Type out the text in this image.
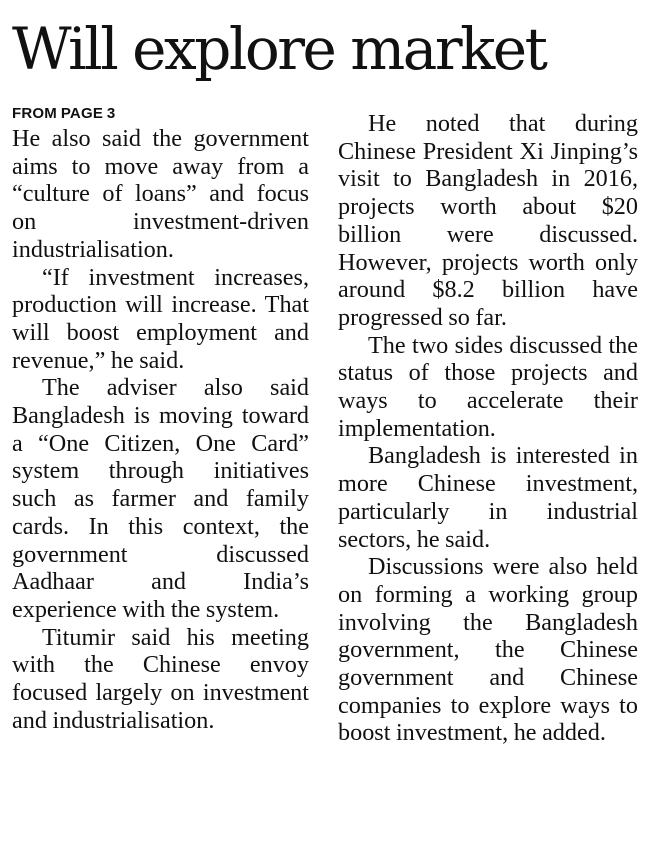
Will explore market
FROM PAGE 3

He also said the government aims to move away from a “culture of loans” and focus on investment-driven industrialisation.

“If investment increases, production will increase. That will boost employment and revenue,” he said.

The adviser also said Bangladesh is moving toward a “One Citizen, One Card” system through initiatives such as farmer and family cards. In this context, the government discussed Aadhaar and India’s experience with the system.

Titumir said his meeting with the Chinese envoy focused largely on investment and industrialisation.

He noted that during Chinese President Xi Jinping’s visit to Bangladesh in 2016, projects worth about $20 billion were discussed. However, projects worth only around $8.2 billion have progressed so far.

The two sides discussed the status of those projects and ways to accelerate their implementation.

Bangladesh is interested in more Chinese investment, particularly in industrial sectors, he said.

Discussions were also held on forming a working group involving the Bangladesh government, the Chinese government and Chinese companies to explore ways to boost investment, he added.
